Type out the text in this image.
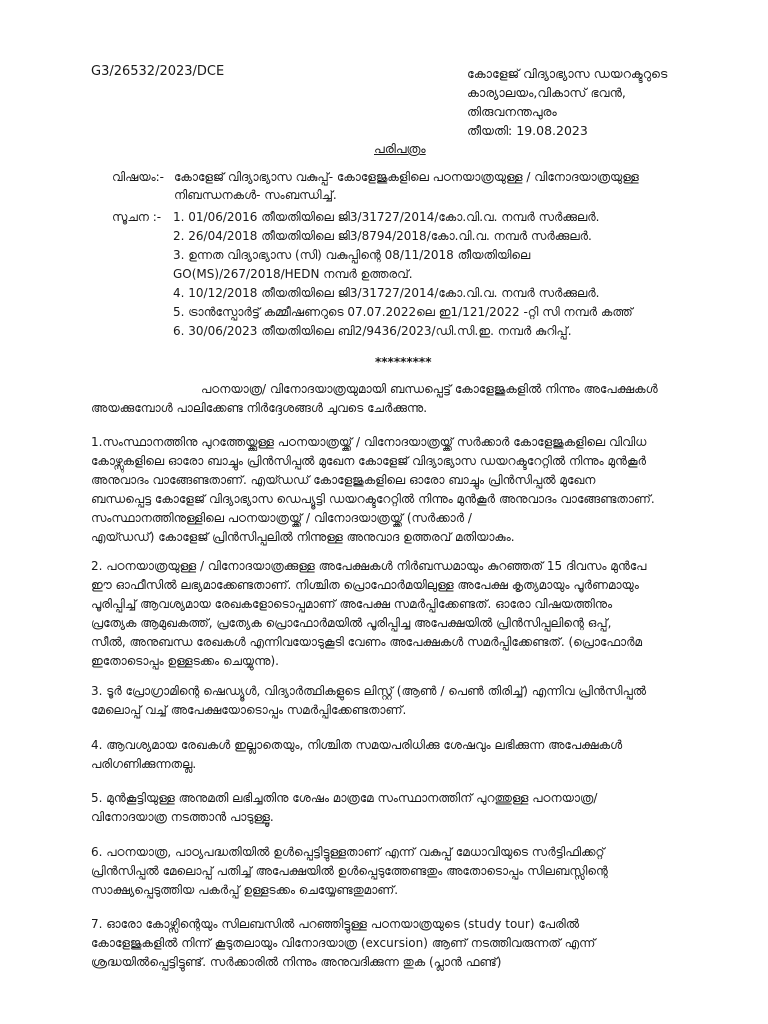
G3/26532/2023/DCE	കോളേജ് വിദ്യാഭ്യാസ ഡയറക്ടറുടെ
കാര്യാലയം,വികാസ് ഭവൻ,
തിരുവനന്തപുരം
തീയതി: 19.08.2023
പരിപത്രം
വിഷയം:- കോളേജ് വിദ്യാഭ്യാസ വകുപ്പ്- കോളേജുകളിലെ പഠനയാത്രയുള്ള / വിനോദയാത്രയുള്ള
നിബന്ധനകൾ- സംബന്ധിച്ച്.
സൂചന :- 1. 01/06/2016 തീയതിയിലെ ജി3/31727/2014/കോ.വി.വ. നമ്പർ സർക്കുലർ.
2. 26/04/2018 തീയതിയിലെ ജി3/8794/2018/കോ.വി.വ. നമ്പർ സർക്കുലർ.
3. ഉന്നത വിദ്യാഭ്യാസ (സി) വകുപ്പിന്റെ 08/11/2018 തീയതിയിലെ
GO(MS)/267/2018/HEDN നമ്പർ ഉത്തരവ്.
4. 10/12/2018 തീയതിയിലെ ജി3/31727/2014/കോ.വി.വ. നമ്പർ സർക്കുലർ.
5. ട്രാൻസ്പോർട്ട് കമ്മീഷണറുടെ 07.07.2022ലെ ഇ1/121/2022 -റ്റി സി നമ്പർ കത്ത്
6. 30/06/2023 തീയതിയിലെ ബി2/9436/2023/ഡി.സി.ഇ. നമ്പർ കുറിപ്പ്.
*********
പഠനയാത്ര/ വിനോദയാത്രയുമായി ബന്ധപ്പെട്ട് കോളേജുകളിൽ നിന്നും അപേക്ഷകൾ
അയക്കുമ്പോൾ പാലിക്കേണ്ട നിർദ്ദേശങ്ങൾ ചുവടെ ചേർക്കുന്നു.
1.സംസ്ഥാനത്തിനു പുറത്തേയ്ക്കുള്ള പഠനയാത്രയ്ക്ക് / വിനോദയാത്രയ്ക്ക് സർക്കാർ കോളേജുകളിലെ വിവിധ
കോഴ്സുകളിലെ ഓരോ ബാച്ചും പ്രിൻസിപ്പൽ മുഖേന കോളേജ് വിദ്യാഭ്യാസ ഡയറക്ടറേറ്റിൽ നിന്നും മുൻകൂർ
അനുവാദം വാങ്ങേണ്ടതാണ്. എയ്ഡഡ് കോളേജുകളിലെ ഓരോ ബാച്ചും പ്രിൻസിപ്പൽ മുഖേന
ബന്ധപ്പെട്ട കോളേജ് വിദ്യാഭ്യാസ ഡെപ്യൂട്ടി ഡയറക്ടറേറ്റിൽ നിന്നും മുൻകൂർ അനുവാദം വാങ്ങേണ്ടതാണ്.
സംസ്ഥാനത്തിനുള്ളിലെ പഠനയാത്രയ്ക്ക് / വിനോദയാത്രയ്ക്ക് (സർക്കാർ /
എയ്ഡഡ്) കോളേജ് പ്രിൻസിപ്പലിൽ നിന്നുള്ള അനുവാദ ഉത്തരവ് മതിയാകും.
2. പഠനയാത്രയുള്ള / വിനോദയാത്രക്കുള്ള അപേക്ഷകൾ നിർബന്ധമായും കുറഞ്ഞത് 15 ദിവസം മുൻപേ
ഈ ഓഫീസിൽ ലഭ്യമാക്കേണ്ടതാണ്. നിശ്ചിത പ്രൊഫോർമയിലുള്ള അപേക്ഷ കൃത്യമായും പൂർണമായും
പൂരിപ്പിച്ച് ആവശ്യമായ രേഖകളോടൊപ്പമാണ് അപേക്ഷ സമർപ്പിക്കേണ്ടത്. ഓരോ വിഷയത്തിനും
പ്രത്യേക ആമുഖകത്ത്, പ്രത്യേക പ്രൊഫോർമയിൽ പൂരിപ്പിച്ച അപേക്ഷയിൽ പ്രിൻസിപ്പലിന്റെ ഒപ്പ്,
സീൽ, അനുബന്ധ രേഖകൾ എന്നിവയോടുകൂടി വേണം അപേക്ഷകൾ സമർപ്പിക്കേണ്ടത്. (പ്രൊഫോർമ
ഇതോടൊപ്പം ഉള്ളടക്കം ചെയ്യുന്നു).
3. ടൂർ പ്രോഗ്രാമിന്റെ ഷെഡ്യൂൾ, വിദ്യാർത്ഥികളുടെ ലിസ്റ്റ് (ആൺ / പെൺ തിരിച്ച്) എന്നിവ പ്രിൻസിപ്പൽ
മേലൊപ്പ് വച്ച് അപേക്ഷയോടൊപ്പം സമർപ്പിക്കേണ്ടതാണ്.
4. ആവശ്യമായ രേഖകൾ ഇല്ലാതെയും, നിശ്ചിത സമയപരിധിക്കു ശേഷവും ലഭിക്കുന്ന അപേക്ഷകൾ
പരിഗണിക്കുന്നതല്ല.
5. മുൻകൂട്ടിയുള്ള അനുമതി ലഭിച്ചതിനു ശേഷം മാത്രമേ സംസ്ഥാനത്തിന് പുറത്തുള്ള പഠനയാത്ര/
വിനോദയാത്ര നടത്താൻ പാടുള്ളൂ.
6. പഠനയാത്ര, പാഠ്യപദ്ധതിയിൽ ഉൾപ്പെട്ടിട്ടുള്ളതാണ് എന്ന് വകുപ്പ് മേധാവിയുടെ സർട്ടിഫിക്കറ്റ്
പ്രിൻസിപ്പൽ മേലൊപ്പ് പതിച്ച് അപേക്ഷയിൽ ഉൾപ്പെടുത്തേണ്ടതും അതോടൊപ്പം സിലബസ്സിന്റെ
സാക്ഷ്യപ്പെടുത്തിയ പകർപ്പ് ഉള്ളടക്കം ചെയ്യേണ്ടതുമാണ്.
7. ഓരോ കോഴ്സിന്റെയും സിലബസിൽ പറഞ്ഞിട്ടുള്ള പഠനയാത്രയുടെ (study tour) പേരിൽ
കോളേജുകളിൽ നിന്ന് കൂടുതലായും വിനോദയാത്ര (excursion) ആണ് നടത്തിവരുന്നത് എന്ന്
ശ്രദ്ധയിൽപ്പെട്ടിട്ടുണ്ട്. സർക്കാരിൽ നിന്നും അനുവദിക്കുന്ന തുക (പ്ലാൻ ഫണ്ട്)
